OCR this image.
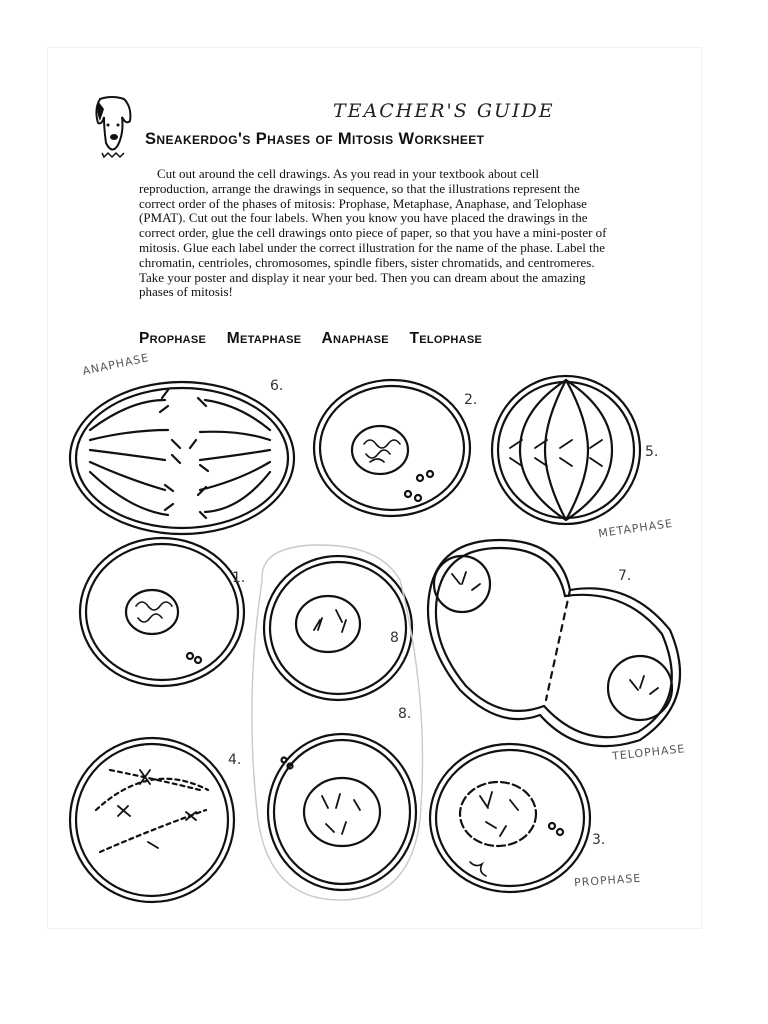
TEACHER'S GUIDE
Sneakerdog's Phases of Mitosis Worksheet
Cut out around the cell drawings. As you read in your textbook about cell reproduction, arrange the drawings in sequence, so that the illustrations represent the correct order of the phases of mitosis: Prophase, Metaphase, Anaphase, and Telophase (PMAT). Cut out the four labels. When you know you have placed the drawings in the correct order, glue the cell drawings onto piece of paper, so that you have a mini-poster of mitosis. Glue each label under the correct illustration for the name of the phase. Label the chromatin, centrioles, chromosomes, spindle fibers, sister chromatids, and centromeres. Take your poster and display it near your bed. Then you can dream about the amazing phases of mitosis!
Prophase Metaphase Anaphase Telophase
6.
2.
5.
1.
8
7.
4.
8.
3.
ANAPHASE
METAPHASE
TELOPHASE
PROPHASE
